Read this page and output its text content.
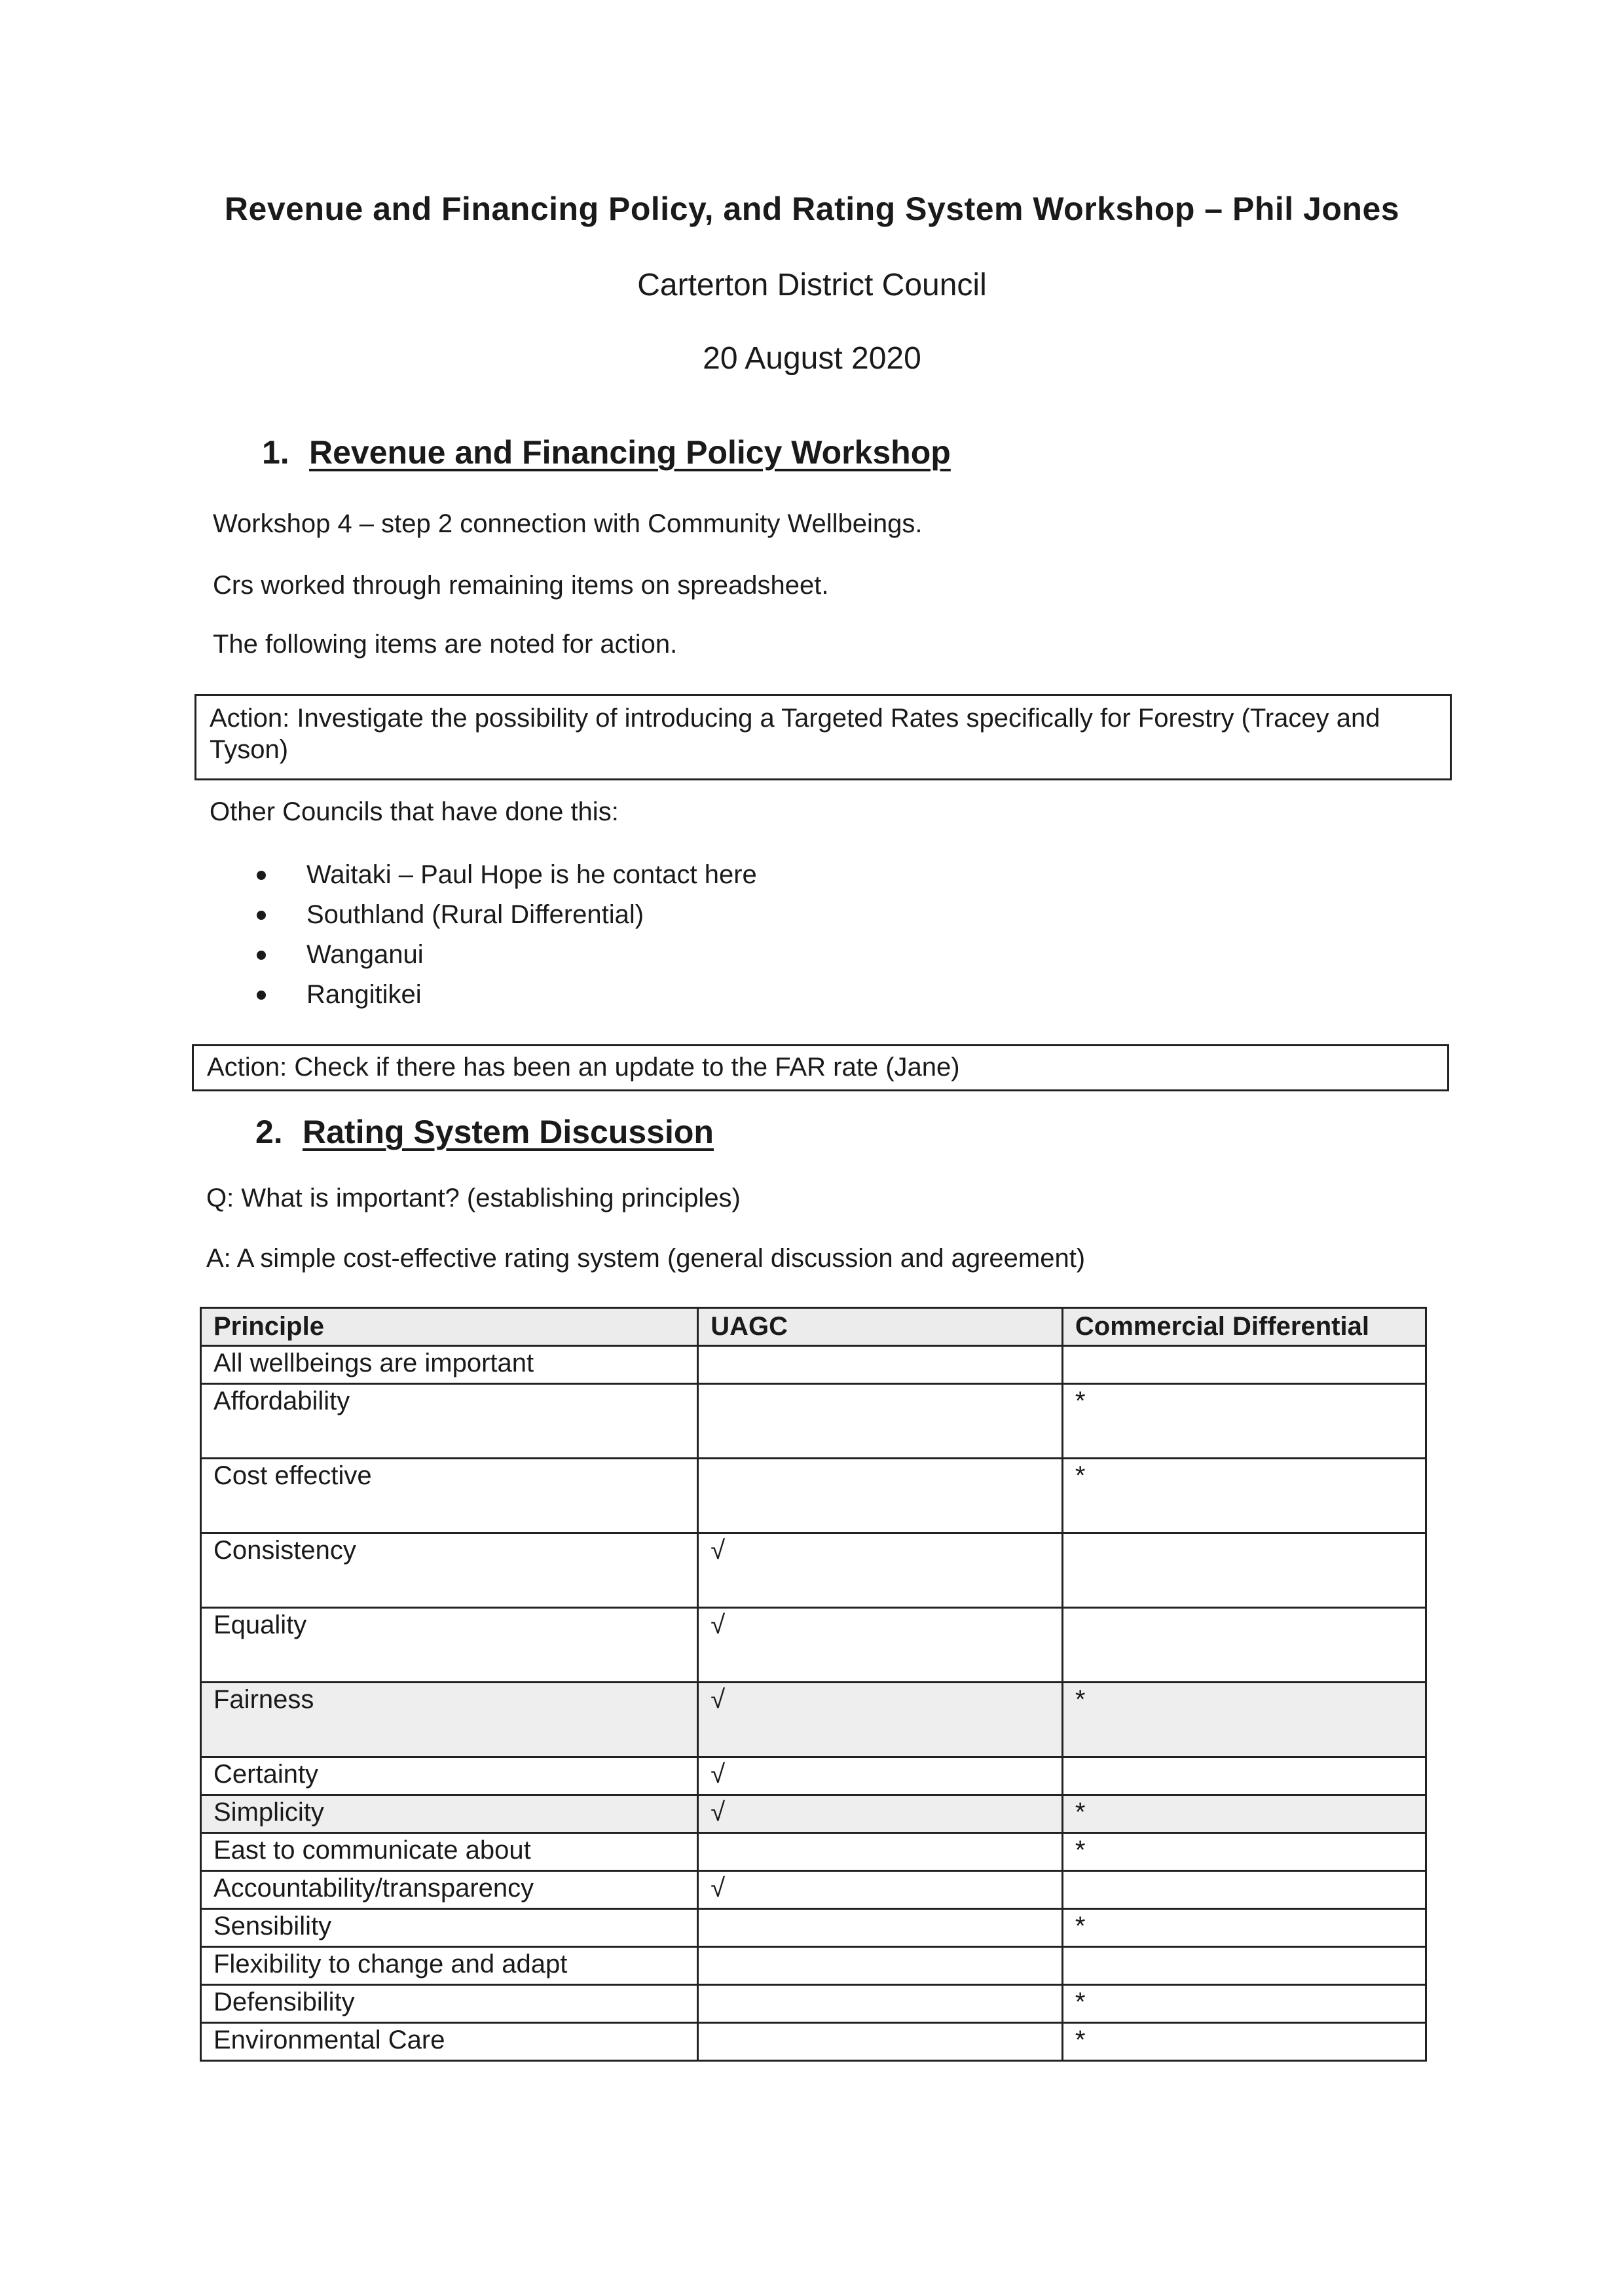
Revenue and Financing Policy, and Rating System Workshop – Phil Jones
Carterton District Council
20 August 2020
1. Revenue and Financing Policy Workshop
Workshop 4 – step 2 connection with Community Wellbeings.
Crs worked through remaining items on spreadsheet.
The following items are noted for action.
Action: Investigate the possibility of introducing a Targeted Rates specifically for Forestry (Tracey and Tyson)
Other Councils that have done this:
Waitaki – Paul Hope is he contact here
Southland (Rural Differential)
Wanganui
Rangitikei
Action: Check if there has been an update to the FAR rate (Jane)
2. Rating System Discussion
Q: What is important? (establishing principles)
A: A simple cost-effective rating system (general discussion and agreement)
Principle	UAGC	Commercial Differential
All wellbeings are important		
Affordability		*
Cost effective		*
Consistency	√	
Equality	√	
Fairness	√	*
Certainty	√	
Simplicity	√	*
East to communicate about		*
Accountability/transparency	√	
Sensibility		*
Flexibility to change and adapt		
Defensibility		*
Environmental Care		*
